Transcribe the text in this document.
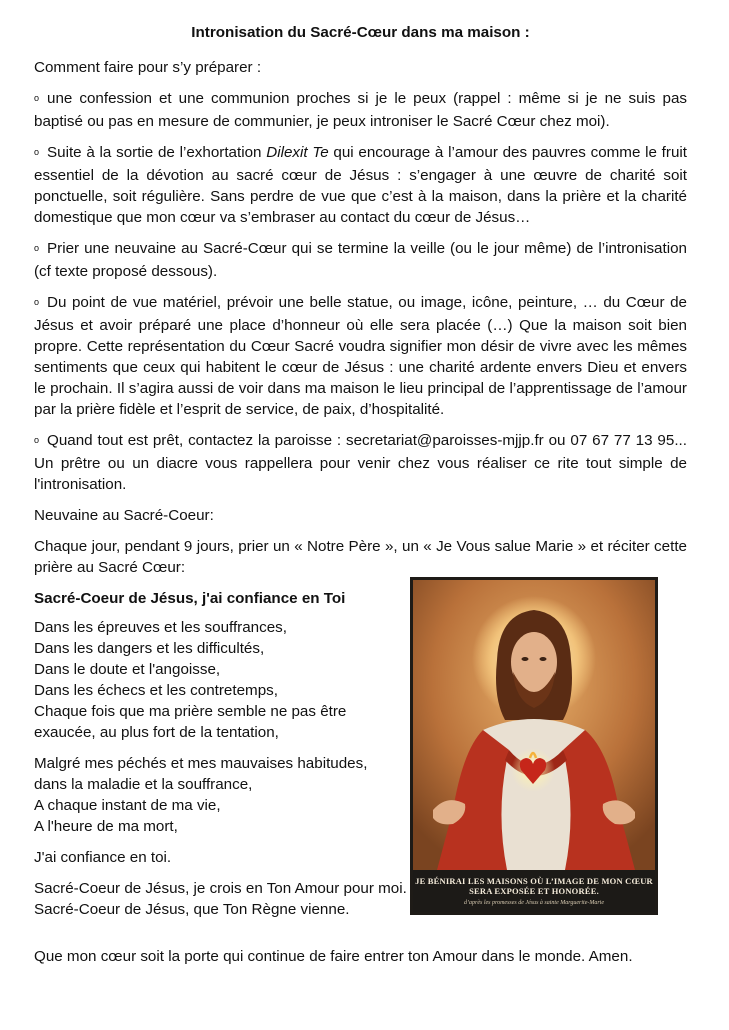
Intronisation du Sacré-Cœur dans ma maison :
Comment faire pour s’y préparer :
o une confession et une communion proches si je le peux (rappel : même si je ne suis pas baptisé ou pas en mesure de communier, je peux introniser le Sacré Cœur chez moi).
o Suite à la sortie de l’exhortation Dilexit Te qui encourage à l’amour des pauvres comme le fruit essentiel de la dévotion au sacré cœur de Jésus : s’engager à une œuvre de charité soit ponctuelle, soit régulière. Sans perdre de vue que c’est à la maison, dans la prière et la charité domestique que mon cœur va s’embraser au contact du cœur de Jésus…
o Prier une neuvaine au Sacré-Cœur qui se termine la veille (ou le jour même) de l’intronisation (cf texte proposé dessous).
o Du point de vue matériel, prévoir une belle statue, ou image, icône, peinture, … du Cœur de Jésus et avoir préparé une place d’honneur où elle sera placée (…) Que la maison soit bien propre. Cette représentation du Cœur Sacré voudra signifier mon désir de vivre avec les mêmes sentiments que ceux qui habitent le cœur de Jésus : une charité ardente envers Dieu et envers le prochain. Il s’agira aussi de voir dans ma maison le lieu principal de l’apprentissage de l’amour par la prière fidèle et l’esprit de service, de paix, d’hospitalité.
o Quand tout est prêt, contactez la paroisse : secretariat@paroisses-mjjp.fr ou 07 67 77 13 95... Un prêtre ou un diacre vous rappellera pour venir chez vous réaliser ce rite tout simple de l'intronisation.
Neuvaine au Sacré-Coeur:
Chaque jour, pendant 9 jours, prier un « Notre Père », un « Je Vous salue Marie » et réciter cette prière au Sacré Cœur:
Sacré-Coeur de Jésus, j'ai confiance en Toi
Dans les épreuves et les souffrances,
Dans les dangers et les difficultés,
Dans le doute et l'angoisse,
Dans les échecs et les contretemps,
Chaque fois que ma prière semble ne pas être
exaucée, au plus fort de la tentation,
Malgré mes péchés et mes mauvaises habitudes,
dans la maladie et la souffrance,
A chaque instant de ma vie,
A l'heure de ma mort,
J'ai confiance en toi.
Sacré-Coeur de Jésus, je crois en Ton Amour pour moi. Sacré-Coeur de Jésus, que Ton Règne vienne.
JE BÉNIRAI LES MAISONS OÙ L’IMAGE DE MON CŒUR
SERA EXPOSÉE ET HONORÉE.
d’après les promesses de Jésus à sainte Marguerite-Marie
Que mon cœur soit la porte qui continue de faire entrer ton Amour dans le monde. Amen.
